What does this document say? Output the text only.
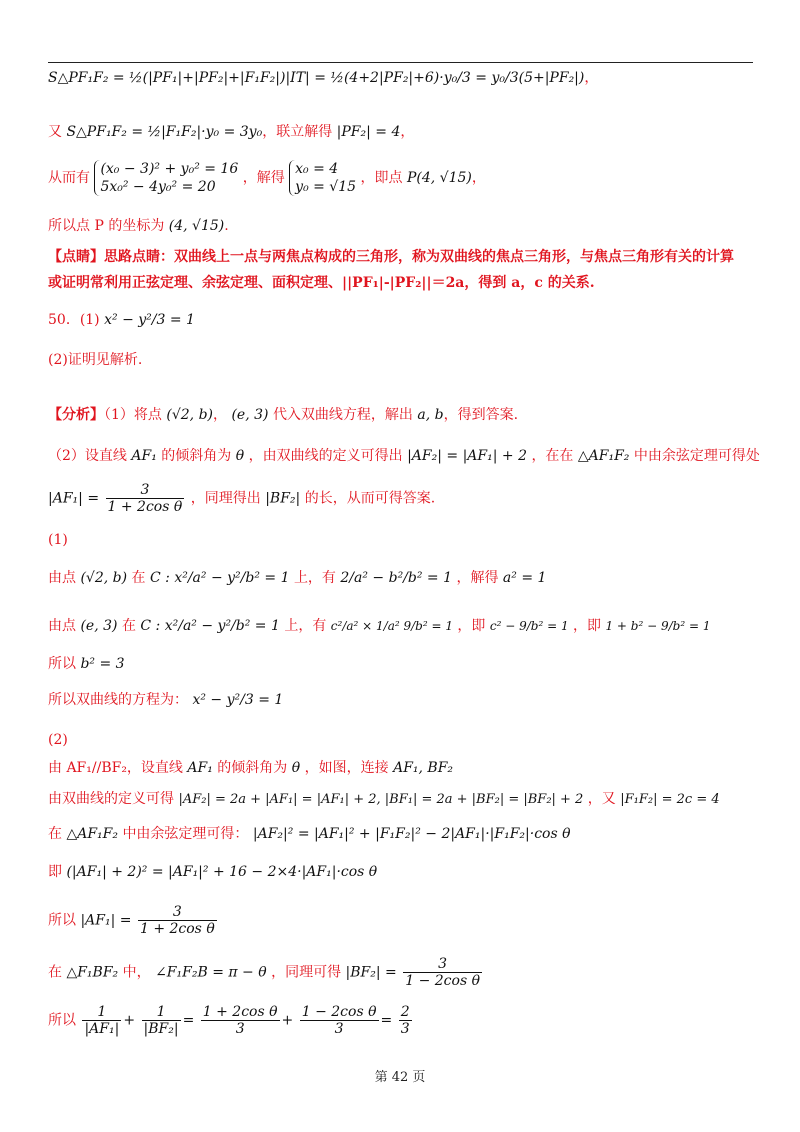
S△PF₁F₂ = ½(|PF₁|+|PF₂|+|F₁F₂|)|IT| = ½(4+2|PF₂|+6)·y₀/3 = y₀/3(5+|PF₂|)，
又 S△PF₁F₂ = ½|F₁F₂|·y₀ = 3y₀，联立解得 |PF₂| = 4，
从而有
(x₀ − 3)² + y₀² = 16
5x₀² − 4y₀² = 20
，解得
x₀ = 4
y₀ = √15
，即点 P(4, √15)，
所以点 P 的坐标为 (4, √15).
【点睛】思路点睛：双曲线上一点与两焦点构成的三角形，称为双曲线的焦点三角形，与焦点三角形有关的计算
或证明常利用正弦定理、余弦定理、面积定理、||PF₁|-|PF₂||＝2a，得到 a，c 的关系.
50．(1) x² − y²/3 = 1
(2)证明见解析.
【分析】（1）将点 (√2, b)， (e, 3) 代入双曲线方程，解出 a, b，得到答案.
（2）设直线 AF₁ 的倾斜角为 θ ，由双曲线的定义可得出 |AF₂| = |AF₁| + 2 ，在在 △AF₁F₂ 中由余弦定理可得处
$|AF_1| = \frac{3}{\text{1 + 2cos θ}}$ ，同理得出 |BF₂| 的长，从而可得答案.
(1)
由点 (√2, b) 在 C : x²/a² − y²/b² = 1 上，有 2/a² − b²/b² = 1 ，解得 a² = 1
由点 (e, 3) 在 C : x²/a² − y²/b² = 1 上，有 c²/a² × 1/a² 9/b² = 1 ，即 c² − 9/b² = 1 ，即 1 + b² − 9/b² = 1
所以 b² = 3
所以双曲线的方程为： x² − y²/3 = 1
(2)
由 AF₁//BF₂，设直线 AF₁ 的倾斜角为 θ ，如图，连接 AF₁, BF₂
由双曲线的定义可得 |AF₂| = 2a + |AF₁| = |AF₁| + 2, |BF₁| = 2a + |BF₂| = |BF₂| + 2 ，又 |F₁F₂| = 2c = 4
在 △AF₁F₂ 中由余弦定理可得： |AF₂|² = |AF₁|² + |F₁F₂|² − 2|AF₁|·|F₁F₂|·cos θ
即 (|AF₁| + 2)² = |AF₁|² + 16 − 2×4·|AF₁|·cos θ
所以 $|AF_1| = \frac{3}{\text{1 + 2cos θ}}$
在 △F₁BF₂ 中， ∠F₁F₂B = π − θ ，同理可得 $|BF_2| = \frac{3}{\text{1 − 2cos θ}}$
所以 $\frac{1}{\text{|AF₁|}} + \frac{1}{\text{|BF₂|}} = \frac{\text{1 + 2cos θ}}{3} + \frac{\text{1 − 2cos θ}}{3} = \frac{2}{3}$
第 42 页
